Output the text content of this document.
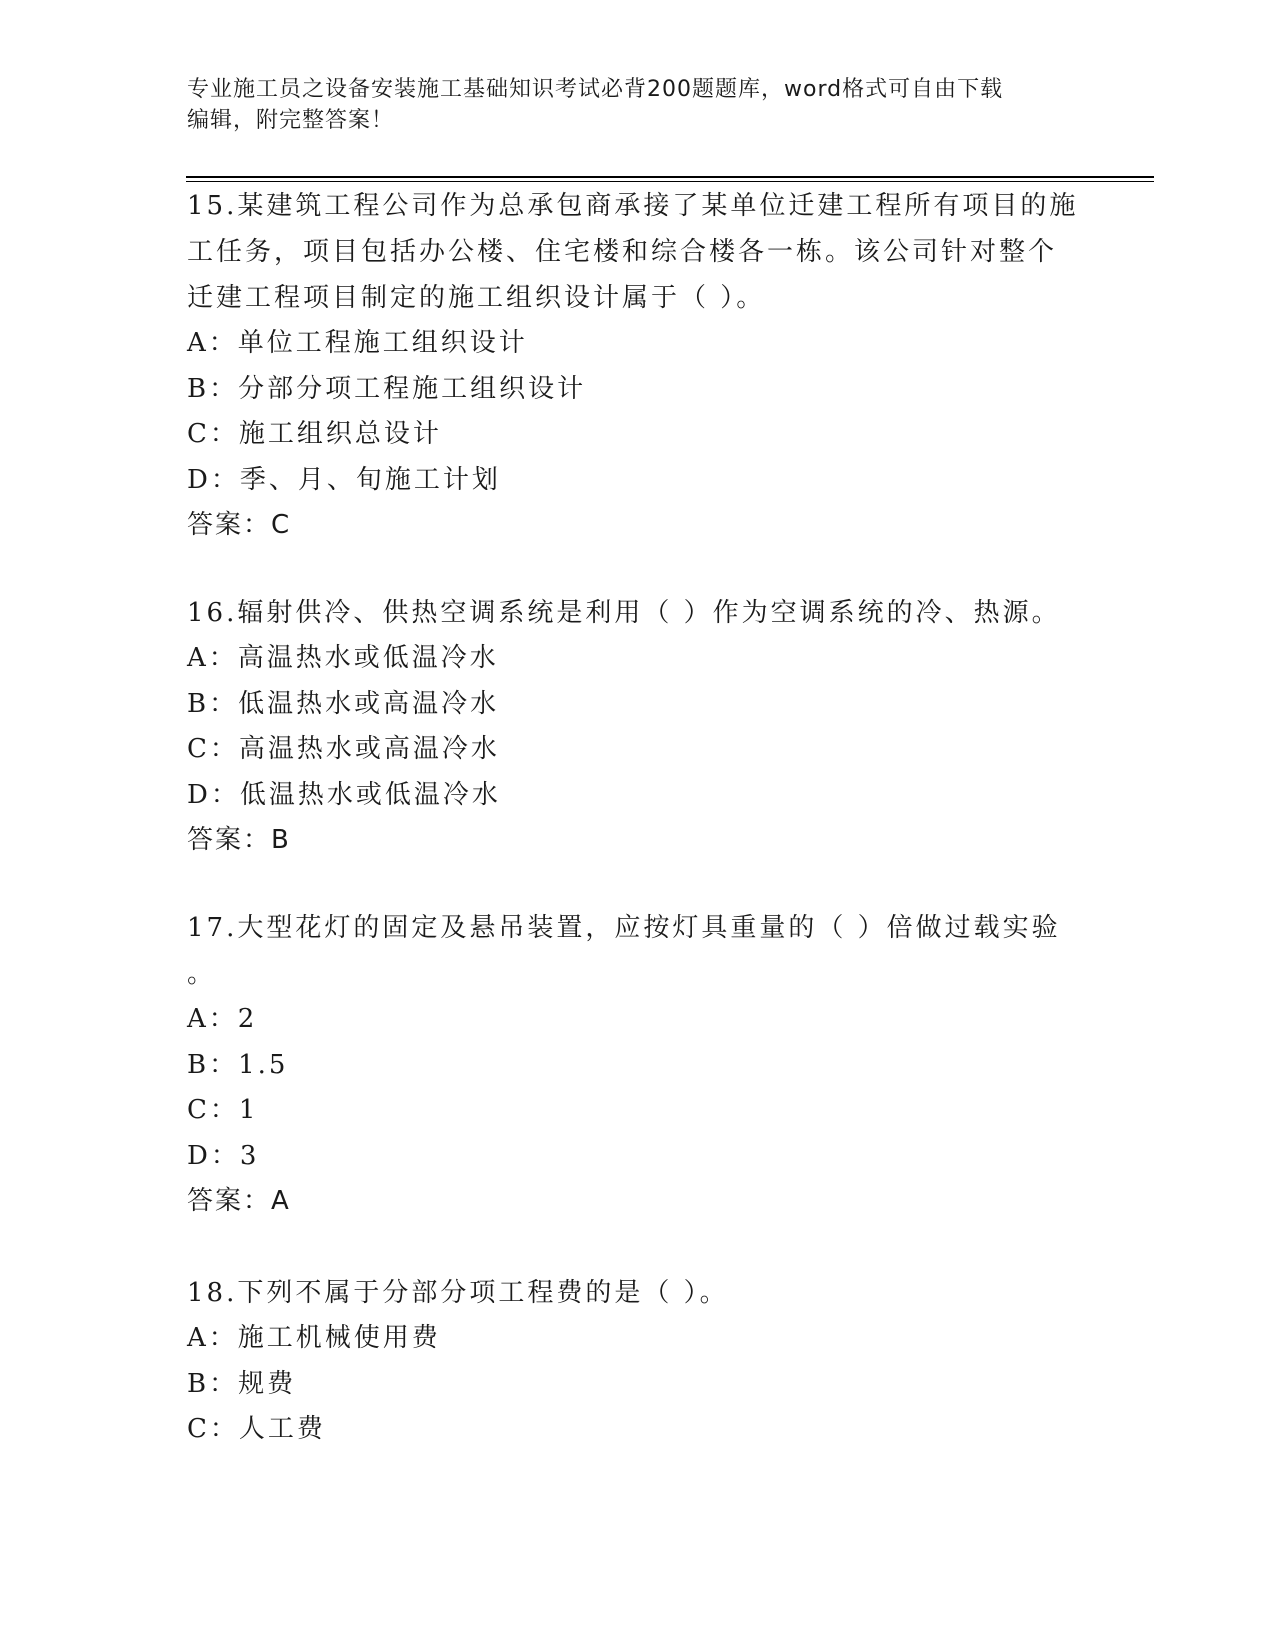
专业施工员之设备安装施工基础知识考试必背200题题库，word格式可自由下载
编辑，附完整答案！
15.某建筑工程公司作为总承包商承接了某单位迁建工程所有项目的施
工任务，项目包括办公楼、住宅楼和综合楼各一栋。该公司针对整个
迁建工程项目制定的施工组织设计属于（ ）。
A：单位工程施工组织设计
B：分部分项工程施工组织设计
C：施工组织总设计
D：季、月、旬施工计划
答案：C
16.辐射供冷、供热空调系统是利用（ ）作为空调系统的冷、热源。
A：高温热水或低温冷水
B：低温热水或高温冷水
C：高温热水或高温冷水
D：低温热水或低温冷水
答案：B
17.大型花灯的固定及悬吊装置，应按灯具重量的（ ）倍做过载实验
。
A：2
B：1.5
C：1
D：3
答案：A
18.下列不属于分部分项工程费的是（ ）。
A：施工机械使用费
B：规费
C：人工费
